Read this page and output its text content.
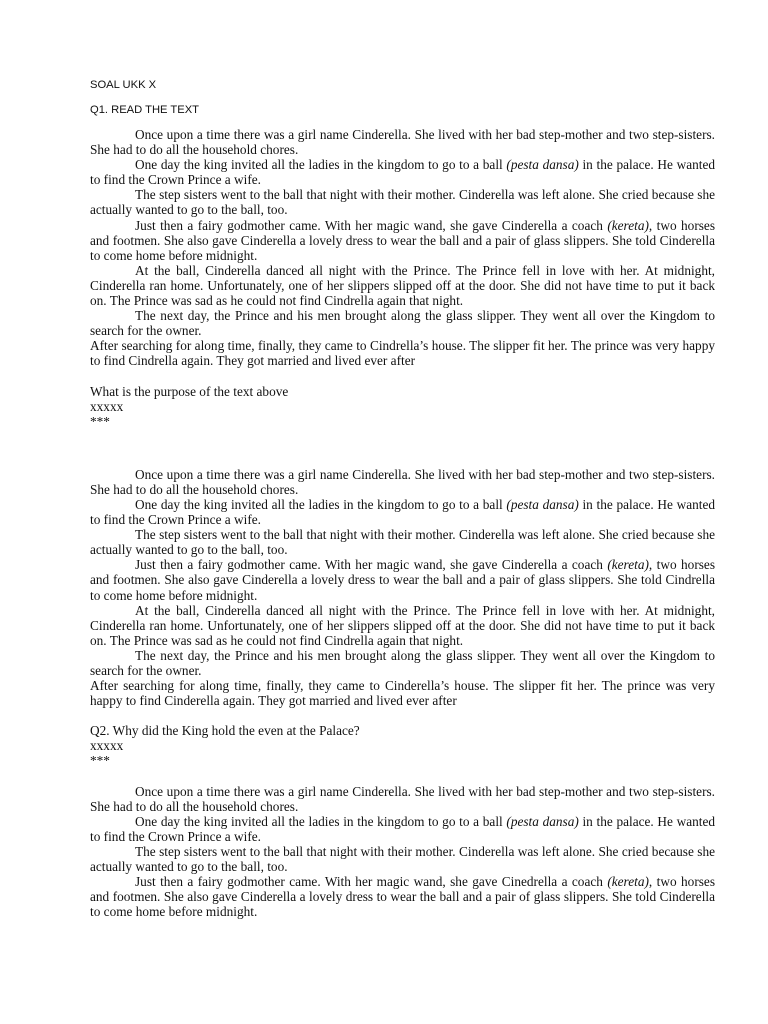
SOAL UKK X
Q1. READ THE TEXT

Once upon a time there was a girl name Cinderella. She lived with her bad step-mother and two step-sisters. She had to do all the household chores.

One day the king invited all the ladies in the kingdom to go to a ball (pesta dansa) in the palace. He wanted to find the Crown Prince a wife.

The step sisters went to the ball that night with their mother. Cinderella was left alone. She cried because she actually wanted to go to the ball, too.

Just then a fairy godmother came. With her magic wand, she gave Cinderella a coach (kereta), two horses and footmen. She also gave Cinderella a lovely dress to wear the ball and a pair of glass slippers. She told Cinderella to come home before midnight.

At the ball, Cinderella danced all night with the Prince. The Prince fell in love with her. At midnight, Cinderella ran home. Unfortunately, one of her slippers slipped off at the door. She did not have time to put it back on. The Prince was sad as he could not find Cindrella again that night.

The next day, the Prince and his men brought along the glass slipper. They went all over the Kingdom to search for the owner.

After searching for along time, finally, they came to Cindrella’s house. The slipper fit her. The prince was very happy to find Cindrella again. They got married and lived ever after

What is the purpose of the text above
xxxxx
***

Once upon a time there was a girl name Cinderella. She lived with her bad step-mother and two step-sisters. She had to do all the household chores.

One day the king invited all the ladies in the kingdom to go to a ball (pesta dansa) in the palace. He wanted to find the Crown Prince a wife.

The step sisters went to the ball that night with their mother. Cinderella was left alone. She cried because she actually wanted to go to the ball, too.

Just then a fairy godmother came. With her magic wand, she gave Cinderella a coach (kereta), two horses and footmen. She also gave Cinderella a lovely dress to wear the ball and a pair of glass slippers. She told Cindrella to come home before midnight.

At the ball, Cinderella danced all night with the Prince. The Prince fell in love with her. At midnight, Cinderella ran home. Unfortunately, one of her slippers slipped off at the door. She did not have time to put it back on. The Prince was sad as he could not find Cindrella again that night.

The next day, the Prince and his men brought along the glass slipper. They went all over the Kingdom to search for the owner.

After searching for along time, finally, they came to Cinderella’s house. The slipper fit her. The prince was very happy to find Cinderella again. They got married and lived ever after

Q2. Why did the King hold the even at the Palace?
xxxxx
***

Once upon a time there was a girl name Cinderella. She lived with her bad step-mother and two step-sisters. She had to do all the household chores.

One day the king invited all the ladies in the kingdom to go to a ball (pesta dansa) in the palace. He wanted to find the Crown Prince a wife.

The step sisters went to the ball that night with their mother. Cinderella was left alone. She cried because she actually wanted to go to the ball, too.

Just then a fairy godmother came. With her magic wand, she gave Cinedrella a coach (kereta), two horses and footmen. She also gave Cinderella a lovely dress to wear the ball and a pair of glass slippers. She told Cinderella to come home before midnight.
